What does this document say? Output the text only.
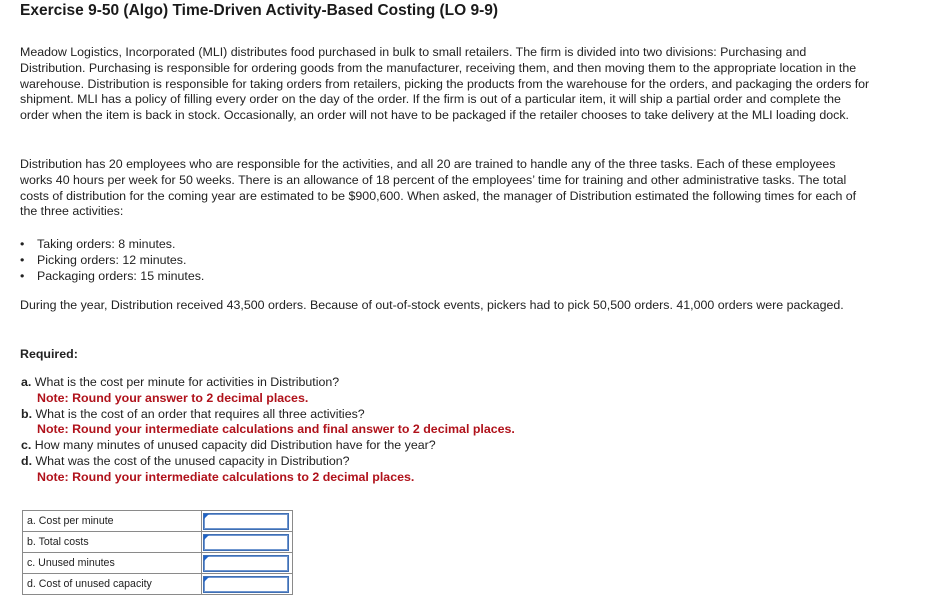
Exercise 9-50 (Algo) Time-Driven Activity-Based Costing (LO 9-9)

Meadow Logistics, Incorporated (MLI) distributes food purchased in bulk to small retailers. The firm is divided into two divisions: Purchasing and Distribution. Purchasing is responsible for ordering goods from the manufacturer, receiving them, and then moving them to the appropriate location in the warehouse. Distribution is responsible for taking orders from retailers, picking the products from the warehouse for the orders, and packaging the orders for shipment. MLI has a policy of filling every order on the day of the order. If the firm is out of a particular item, it will ship a partial order and complete the order when the item is back in stock. Occasionally, an order will not have to be packaged if the retailer chooses to take delivery at the MLI loading dock.

Distribution has 20 employees who are responsible for the activities, and all 20 are trained to handle any of the three tasks. Each of these employees works 40 hours per week for 50 weeks. There is an allowance of 18 percent of the employees’ time for training and other administrative tasks. The total costs of distribution for the coming year are estimated to be $900,600. When asked, the manager of Distribution estimated the following times for each of the three activities:

• Taking orders: 8 minutes.
• Picking orders: 12 minutes.
• Packaging orders: 15 minutes.

During the year, Distribution received 43,500 orders. Because of out-of-stock events, pickers had to pick 50,500 orders. 41,000 orders were packaged.

Required:
a. What is the cost per minute for activities in Distribution?
Note: Round your answer to 2 decimal places.
b. What is the cost of an order that requires all three activities?
Note: Round your intermediate calculations and final answer to 2 decimal places.
c. How many minutes of unused capacity did Distribution have for the year?
d. What was the cost of the unused capacity in Distribution?
Note: Round your intermediate calculations to 2 decimal places.
a. Cost per minute	

b. Total costs	

c. Unused minutes	

d. Cost of unused capacity	
